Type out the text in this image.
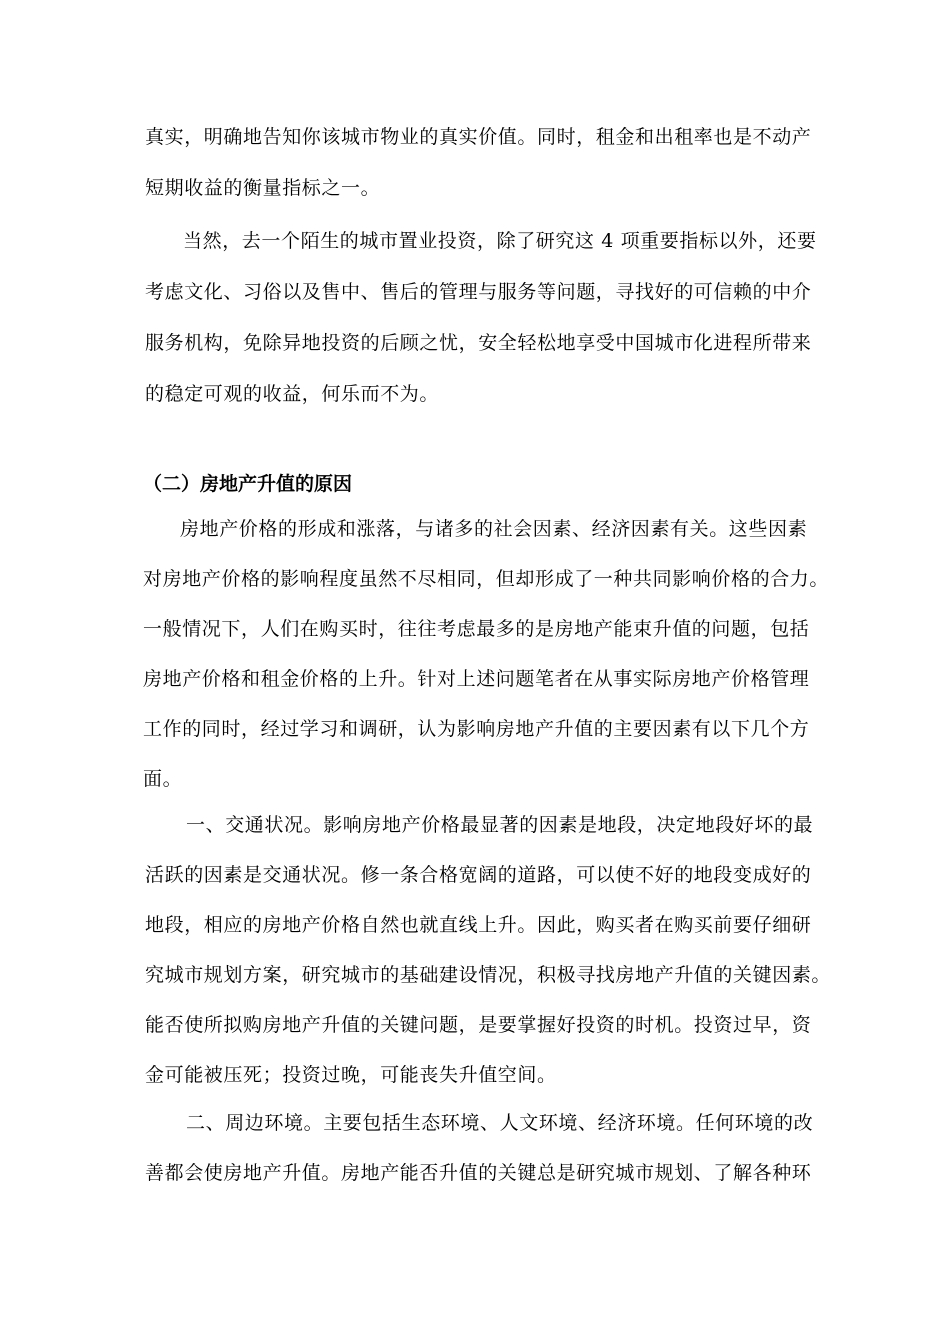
真实，明确地告知你该城市物业的真实价值。同时，租金和出租率也是不动产
短期收益的衡量指标之一。
当然，去一个陌生的城市置业投资，除了研究这 4 项重要指标以外，还要
考虑文化、习俗以及售中、售后的管理与服务等问题，寻找好的可信赖的中介
服务机构，免除异地投资的后顾之忧，安全轻松地享受中国城市化进程所带来
的稳定可观的收益，何乐而不为。
（二）房地产升值的原因
房地产价格的形成和涨落，与诸多的社会因素、经济因素有关。这些因素
对房地产价格的影响程度虽然不尽相同，但却形成了一种共同影响价格的合力。
一般情况下，人们在购买时，往往考虑最多的是房地产能束升值的问题，包括
房地产价格和租金价格的上升。针对上述问题笔者在从事实际房地产价格管理
工作的同时，经过学习和调研，认为影响房地产升值的主要因素有以下几个方
面。
一、交通状况。影响房地产价格最显著的因素是地段，决定地段好坏的最
活跃的因素是交通状况。修一条合格宽阔的道路，可以使不好的地段变成好的
地段，相应的房地产价格自然也就直线上升。因此，购买者在购买前要仔细研
究城市规划方案，研究城市的基础建设情况，积极寻找房地产升值的关键因素。
能否使所拟购房地产升值的关键问题，是要掌握好投资的时机。投资过早，资
金可能被压死；投资过晚，可能丧失升值空间。
二、周边环境。主要包括生态环境、人文环境、经济环境。任何环境的改
善都会使房地产升值。房地产能否升值的关键总是研究城市规划、了解各种环
